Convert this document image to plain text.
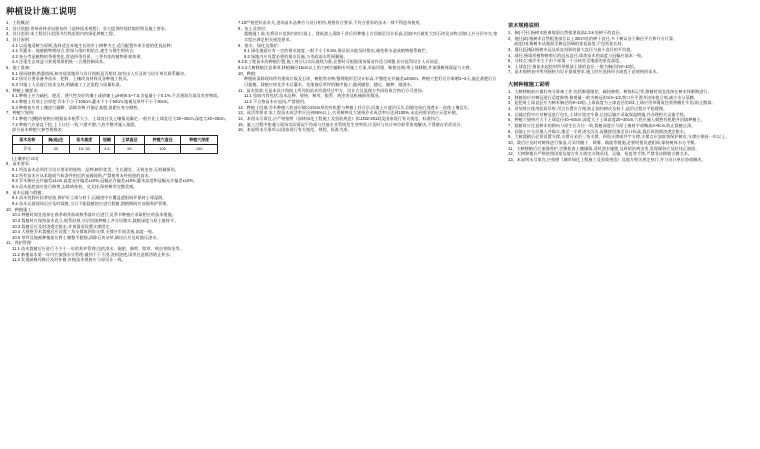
种植设计施工说明

1、工程概况:

2、设计依据:贵州省林业局颁布的《造林技术规程》、业主提供的现状地形图及施工要求。

3、设计范围:本工程设计范围为红线范围内的绿化种植工程。

4、设计原则:

4.1 以适地适树为原则,选择适宜本地生长的乡土树种为主,适当配置外来引进的优良品种;

4.2 乔灌木、地被植物相结合,常绿与落叶相结合,速生与慢生相结合;

4.3 充分考虑植物的季相变化,营造四季有景、三季有花的植物景观效果;

4.4 注重生态效益与景观效果相统一,合理控制成本。

5、施工准备:

5.1 现场踏勘,熟悉图纸,核对现状地形与设计图纸是否相符,如有出入应及时与设计单位联系解决。

5.2 按设计要求备齐苗木、肥料、土壤改良材料及各种施工机具。

5.3 对施工人员进行技术交底,明确施工工艺流程与质量标准。

6、种植土壤要求:

6.1 种植土应为疏松、肥沃、透气性良好的壤土或砂壤土,pH值6.5~7.5,含盐量小于0.1%,不含建筑垃圾及有害物质。

6.2 种植土有效土层厚度:乔木不小于100cm,灌木不小于60cm,地被及草坪不小于30cm。

6.3 种植前应对土壤进行翻耕、清除杂物,并施足基肥,基肥应充分腐熟。

7、种植穴规格:

7.1 种植穴(槽)的规格应根据苗木根系大小、土球直径及土壤情况确定,一般应比土球直径大30~40cm,深度大20~30cm。

7.2 种植穴应垂直下挖,上下口径一致,穴壁平整,穴底平整并施入基肥。

部分苗木种植穴参考规格表:

苗木名称	胸(地)径	苗木高度	冠幅	土球直径	种植穴直径	种植穴深度
乔木	30	15~30	4.5	90	100	150

(土壤单位:cm)

8、苗木要求:

8.1 所选苗木必须符合设计要求的规格、品种,树形优美、生长健壮、无病虫害,无机械损伤。

8.2 所有苗木应从本地或气候条件相近的苗圃选购,严禁使用未经检疫的苗木。

8.3 乔木胸径允许偏差±1cm,高度允许偏差±10%,冠幅允许偏差±10%;灌木高度和冠幅允许偏差±10%。

8.4 苗木起挖前应进行修剪,去除病枯枝、交叉枝,保持树形完整美观。

9、苗木运输与假植:

9.1 苗木装卸应轻拿轻放,保护好土球与枝干,运输途中应覆盖遮阳网并保持土球湿润。

9.2 苗木运抵现场后应及时栽植,当日不能栽植的应进行假植,假植期间应加强养护管理。

10、种植施工:

10.1 种植时间宜选择在春季萌芽前或秋季落叶后进行,反季节种植应采取相应的技术措施。

10.2 栽植时应保持苗木直立,根系舒展,分层回填种植土并分层踏实,栽植深度与原土痕持平。

10.3 栽植后应及时浇透定根水,并视情况设置支撑固定。

10.4 大规格乔木栽植后应设置三角支撑或四角支撑,支撑应牢固美观,高度一致。

10.5 草坪及地被种植前应将土壤整平耙细,清除石块杂草,铺设后应及时镇压浇水。

11、养护管理:

11.1 苗木栽植后应进行不少于一年的养护管理,包括浇水、施肥、修剪、除草、病虫害防治等。

11.2 新植苗木第一年内应加强水分管理,做到不干不浇,浇则浇透,雨季注意排涝防止积水。

11.3 发现缺株死株应及时补植,补植苗木规格应与原设计一致。

7.10严格把好苗木关,进场苗木品种应与设计相符,规格符合要求,不符合要求的苗木一律不得进场使用。

8、灰土及垫层:

栽植施工前,先将设计范围内的垃圾土、建筑渣土清除干净后用种植土方回填至设计标高,回填中应避免大块石块及杂物,回填土应分层夯实,密实度应满足相关规范要求。

9、排水、绿化及维护:

9.1 绿化地面应有一定的排水坡度,一般不小于0.5%,保证雨水能及时排出,避免积水造成植物根系腐烂。

9.2 绿地内应设置必要的排水设施,与市政雨水管网顺接。

9.2本工程苗木的种植位置,施工时应以实际放线为准,必要时可根据现场情况作适当调整,但应征得设计人员同意。

9.2.2大树移植注意事项:移植胸径15cm以上的大树应编制专项施工方案,采取切根、断根处理,带土球移植,并加强树体保湿与支撑。

10、种植:

种植前清除现场所有建筑垃圾及石块、树根等杂物,整理地形至设计标高,平整度允许偏差±20mm。种植穴挖好后应晾晒2~3天,施足基肥后方可栽植。栽植应按先乔木后灌木、先地被后草坪的顺序施工,做到随挖、随运、随种、随浇水。

11、苗木验收:凡是本设计图纸上所列的苗木均需经过甲方、设计方及监理方共同验收合格后方可进场。

11.1 验收内容包括:苗木品种、规格、树形、根系、病虫害及机械损伤情况。

11.2 不合格苗木应退场,严禁使用。

12、种植土回填:乔木种植穴底部应铺设20cm厚的有机肥与种植土拌合层,回填土应逐层压实,回填完成后浇透水一次使土壤沉实。

13、成活率要求:本工程苗木成活率应达到95%以上,名贵树种及大规格乔木成活率应达到100%,未达到要求的应无偿补植。

14、本图未尽事宜,应严格按照《园林绿化工程施工及验收规范》(CJJ82-2012)及国家现行有关规范、标准执行。

15、施工过程中如遇与现场实际情况不符或与其他专业管线发生冲突时,应及时与设计单位联系协商解决,不得擅自更改设计。

16、本说明未尽事项,以国家现行有关规范、规程、标准为准。

苗木规格说明

1、胸(干)径:指树木距离地面自然根茎面高1.3米处树干的直径。

2、地径(d):指树木自然根茎部位以上30cm处的树干直径,多干树以各干胸径平方和开方计算。

高度(H):指树木从地面至树冠顶端的垂直高度,不包括徒长枝。

3、蓬径(冠幅):指树木冠丛垂直投影的最大直径与最小直径的平均值。

4、球径:指球形植物修剪后的冠丛直径,球类苗木的高度与冠幅应基本一致。

5、分枝点:指乔木主干由下部第一个分枝处至地面的垂直高度。

6、土球直径:指苗木起挖时所带根部土球的直径,一般为胸径的8~10倍。

7、苗木规格表中所列规格为设计最低要求,施工时应选择符合或优于此规格的苗木。

大树种植施工说明

1、大树移植前应做好充分准备工作,包括断根缩坨、疏枝修剪、树体标记等,移植时间宜选择在树木休眠期进行。

2、移植前应对树冠进行适度修剪,修剪量一般为树冠的1/3~1/2,剪口应平滑并涂抹愈合剂,减少水分蒸腾。

3、起挖时土球直径应为树木胸径的8~10倍,土球高度为土球直径的2/3,土球应用草绳或包装带捆扎牢固,防止散球。

4、吊装时应使用软质吊带,吊点位置应合理,防止损伤树皮及枝干,起吊过程应平稳缓慢。

5、运输过程中应对树冠进行包扎,土球应固定牢靠,长途运输应采取保湿措施,并办理相关运输手续。

6、种植穴规格应大于土球直径40~60cm,深度大于土球高度20~30cm,穴底应施入腐熟有机肥并回填种植土。

7、栽植时应注意树木的朝向与原生长方位一致,栽植深度应与原土痕持平或略高3~5cm,防止栽植过深。

8、回填土应分层填入并捣实,填至一半时浇水沉实,再继续回填至设计标高,栽后筑围堰浇透定根水。

9、大树栽植后必须设置支撑,支撑可采用三角支撑、四角支撑或井字支撑,支撑点应加软垫保护树皮,支撑应保持一年以上。

10、栽后应及时对树体进行保湿,可采用缠干、喷雾、输液等措施,必要时搭设遮阳网,保持树体水分平衡。

11、大树移植后应加强养护,定期检查土壤墒情,适时浇水施肥,及时防治病虫害,发现倾斜应及时扶正加固。

12、大树移植应严格按照国家及地方有关规定办理采伐、运输、检疫等手续,严禁非法移植古树名木。

13、本说明未尽事宜,应按照《城市绿化工程施工及验收规范》及地方相关规定执行,并与设计单位协商解决。
